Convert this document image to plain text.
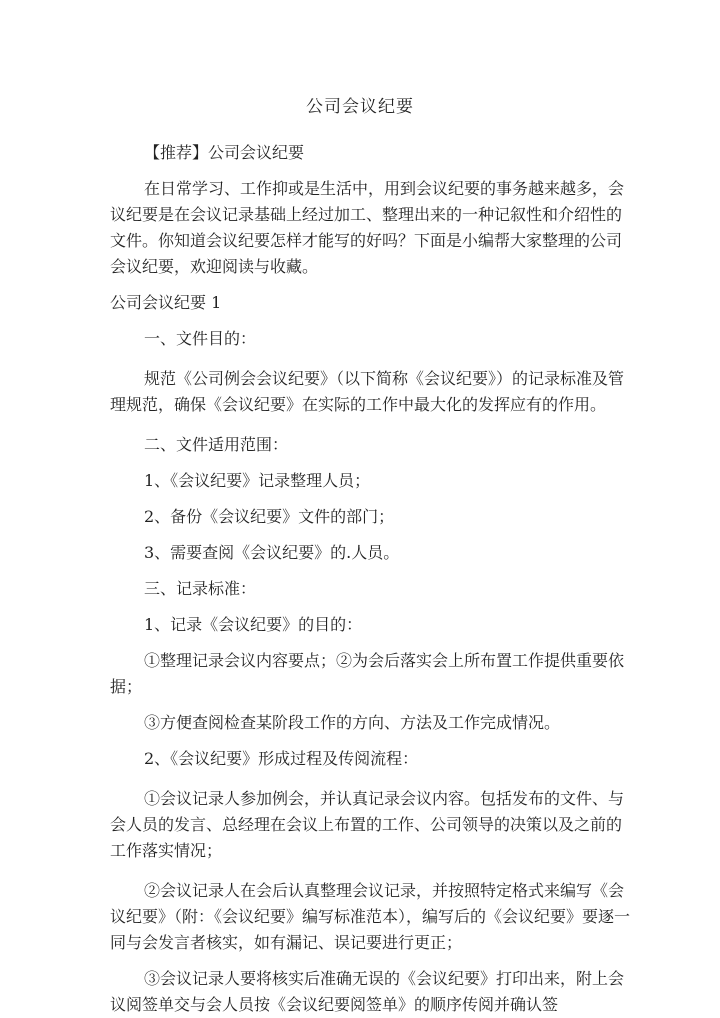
公司会议纪要

【推荐】公司会议纪要

在日常学习、工作抑或是生活中，用到会议纪要的事务越来越多，会议纪要是在会议记录基础上经过加工、整理出来的一种记叙性和介绍性的文件。你知道会议纪要怎样才能写的好吗？下面是小编帮大家整理的公司会议纪要，欢迎阅读与收藏。

公司会议纪要 1

一、文件目的：

规范《公司例会会议纪要》（以下简称《会议纪要》）的记录标准及管理规范，确保《会议纪要》在实际的工作中最大化的发挥应有的作用。

二、文件适用范围：

1、《会议纪要》记录整理人员；

2、备份《会议纪要》文件的部门；

3、需要查阅《会议纪要》的.人员。

三、记录标准：

1、记录《会议纪要》的目的：

①整理记录会议内容要点；②为会后落实会上所布置工作提供重要依据；

③方便查阅检查某阶段工作的方向、方法及工作完成情况。

2、《会议纪要》形成过程及传阅流程：

①会议记录人参加例会，并认真记录会议内容。包括发布的文件、与会人员的发言、总经理在会议上布置的工作、公司领导的决策以及之前的工作落实情况；

②会议记录人在会后认真整理会议记录，并按照特定格式来编写《会议纪要》（附：《会议纪要》编写标准范本），编写后的《会议纪要》要逐一同与会发言者核实，如有漏记、误记要进行更正；

③会议记录人要将核实后准确无误的《会议纪要》打印出来，附上会议阅签单交与会人员按《会议纪要阅签单》的顺序传阅并确认签
